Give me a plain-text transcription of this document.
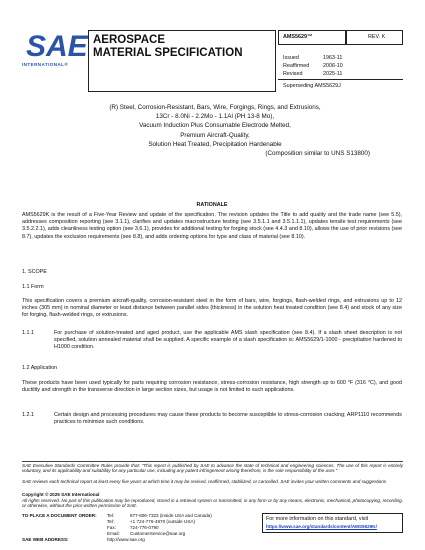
SAE
INTERNATIONAL®
AEROSPACE
MATERIAL SPECIFICATION
AMS5629™	REV. K
Issued	1963-11
Reaffirmed	2006-10
Revised	2025-11
Superseding AMS5629J
(R) Steel, Corrosion-Resistant, Bars, Wire, Forgings, Rings, and Extrusions,
13Cr - 8.0Ni - 2.2Mo - 1.1Al (PH 13-8 Mo),
Vacuum Induction Plus Consumable Electrode Melted,
Premium Aircraft-Quality,
Solution Heat Treated, Precipitation Hardenable
(Composition similar to UNS S13800)
RATIONALE

AMS5629K is the result of a Five-Year Review and update of the specification. The revision updates the Title to add quality and the trade name (see 5.5), addresses composition reporting (see 3.1.1), clarifies and updates macrostructure testing (see 3.5.1.1 and 3.5.1.1.1), updates tensile test requirements (see 3.5.2.2.1), adds cleanliness testing option (see 3.6.1), provides for additional testing for forging stock (see 4.4.3 and 8.10), allows the use of prior revisions (see 8.7), updates the exclusion requirements (see 8.8), and adds ordering options for type and class of material (see 8.10).

1. SCOPE
1.1 Form

This specification covers a premium aircraft-quality, corrosion-resistant steel in the form of bars, wire, forgings, flash-welded rings, and extrusions up to 12 inches (305 mm) in nominal diameter or least distance between parallel sides (thickness) in the solution heat treated condition (see 8.4) and stock of any size for forging, flash-welded rings, or extrusions.

1.1.1	For purchase of solution-treated and aged product, use the applicable AMS slash specification (see 8.4). If a slash sheet description is not specified, solution annealed material shall be supplied. A specific example of a slash specification is: AMS5629/1-1000 - precipitation hardened to H1000 condition.

1.2 Application

These products have been used typically for parts requiring corrosion resistance, stress-corrosion resistance, high strength up to 600 °F (316 °C), and good ductility and strength in the transverse direction in large section sizes, but usage is not limited to such applications.

1.2.1	Certain design and processing procedures may cause these products to become susceptible to stress-corrosion cracking; ARP1110 recommends practices to minimize such conditions.

SAE Executive Standards Committee Rules provide that: "This report is published by SAE to advance the state of technical and engineering sciences. The use of this report is entirely voluntary, and its applicability and suitability for any particular use, including any patent infringement arising therefrom, is the sole responsibility of the user."

SAE reviews each technical report at least every five years at which time it may be revised, reaffirmed, stabilized, or cancelled. SAE invites your written comments and suggestions.

Copyright © 2025 SAE International

All rights reserved. No part of this publication may be reproduced, stored in a retrieval system or transmitted, in any form or by any means, electronic, mechanical, photocopying, recording, or otherwise, without the prior written permission of SAE.

TO PLACE A DOCUMENT ORDER: Tel:	877-606-7323 (inside USA and Canada)
Tel:	+1 724-776-4970 (outside USA)
Fax:	724-776-0790
Email: CustomerService@sae.org
SAE WEB ADDRESS:	http://www.sae.org
For more information on this standard, visit
https://www.sae.org/standards/content/AMS5629K/
